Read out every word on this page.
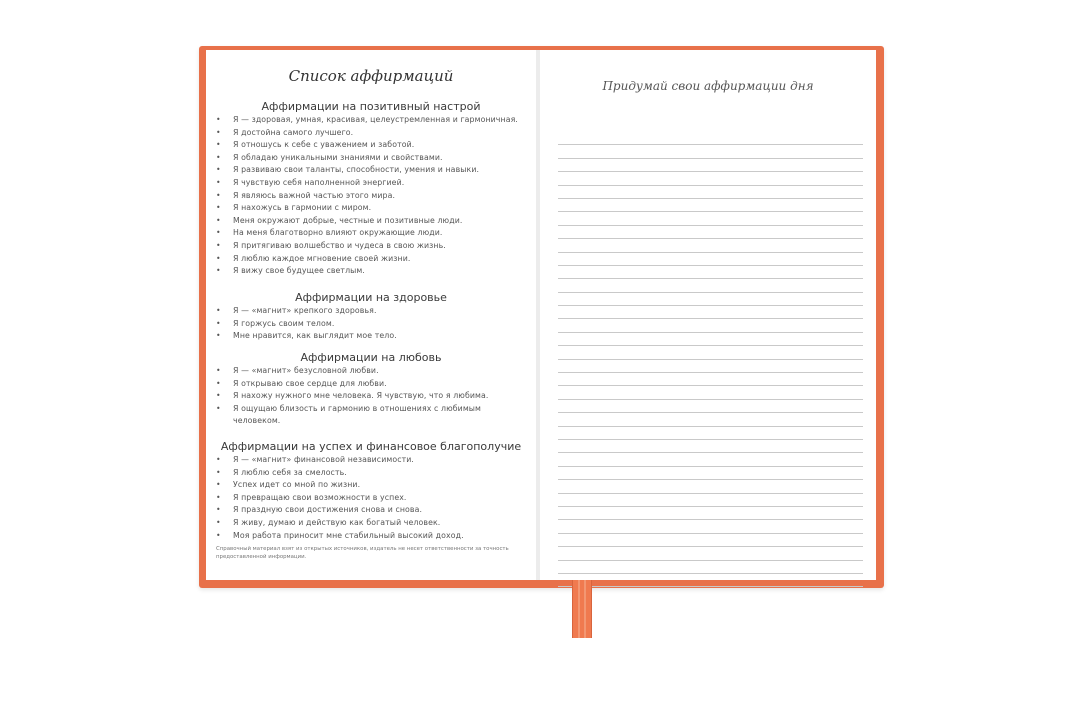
Список аффирмаций
Аффирмации на позитивный настрой
• Я — здоровая, умная, красивая, целеустремленная и гармоничная.
• Я достойна самого лучшего.
• Я отношусь к себе с уважением и заботой.
• Я обладаю уникальными знаниями и свойствами.
• Я развиваю свои таланты, способности, умения и навыки.
• Я чувствую себя наполненной энергией.
• Я являюсь важной частью этого мира.
• Я нахожусь в гармонии с миром.
• Меня окружают добрые, честные и позитивные люди.
• На меня благотворно влияют окружающие люди.
• Я притягиваю волшебство и чудеса в свою жизнь.
• Я люблю каждое мгновение своей жизни.
• Я вижу свое будущее светлым.
Аффирмации на здоровье
• Я — «магнит» крепкого здоровья.
• Я горжусь своим телом.
• Мне нравится, как выглядит мое тело.
Аффирмации на любовь
• Я — «магнит» безусловной любви.
• Я открываю свое сердце для любви.
• Я нахожу нужного мне человека. Я чувствую, что я любима.
• Я ощущаю близость и гармонию в отношениях с любимым человеком.
Аффирмации на успех и финансовое благополучие
• Я — «магнит» финансовой независимости.
• Я люблю себя за смелость.
• Успех идет со мной по жизни.
• Я превращаю свои возможности в успех.
• Я праздную свои достижения снова и снова.
• Я живу, думаю и действую как богатый человек.
• Моя работа приносит мне стабильный высокий доход.
Справочный материал взят из открытых источников, издатель не несет ответственности за точность предоставленной информации.
Придумай свои аффирмации дня
